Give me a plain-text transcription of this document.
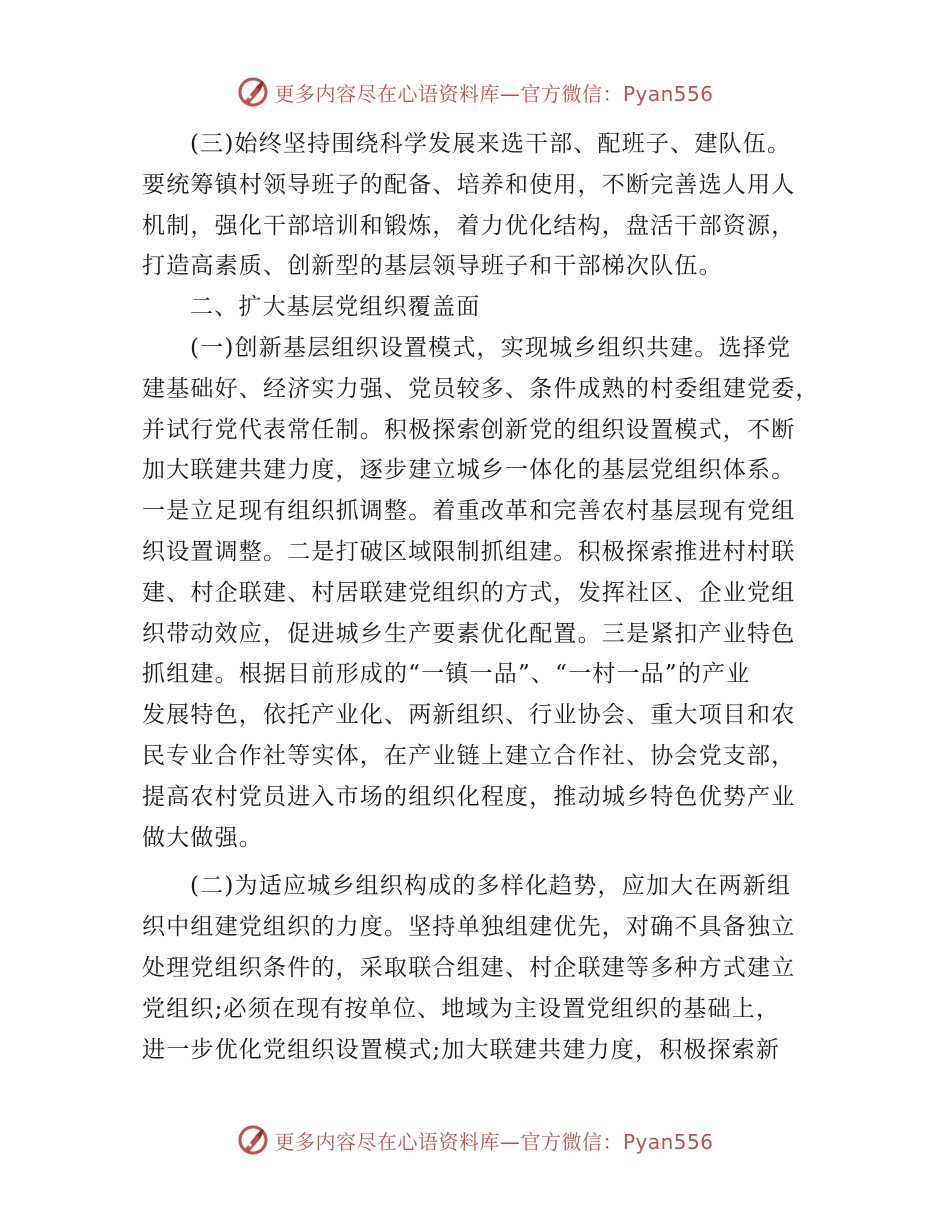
更多内容尽在心语资料库—官方微信：Pyan556

(三)始终坚持围绕科学发展来选干部、配班子、建队伍。

要统筹镇村领导班子的配备、培养和使用，不断完善选人用人
机制，强化干部培训和锻炼，着力优化结构，盘活干部资源，
打造高素质、创新型的基层领导班子和干部梯次队伍。

二、扩大基层党组织覆盖面

(一)创新基层组织设置模式，实现城乡组织共建。选择党

建基础好、经济实力强、党员较多、条件成熟的村委组建党委，
并试行党代表常任制。积极探索创新党的组织设置模式，不断
加大联建共建力度，逐步建立城乡一体化的基层党组织体系。
一是立足现有组织抓调整。着重改革和完善农村基层现有党组
织设置调整。二是打破区域限制抓组建。积极探索推进村村联
建、村企联建、村居联建党组织的方式，发挥社区、企业党组
织带动效应，促进城乡生产要素优化配置。三是紧扣产业特色
抓组建。根据目前形成的“一镇一品”、“一村一品”的产业
发展特色，依托产业化、两新组织、行业协会、重大项目和农
民专业合作社等实体，在产业链上建立合作社、协会党支部，
提高农村党员进入市场的组织化程度，推动城乡特色优势产业
做大做强。

(二)为适应城乡组织构成的多样化趋势，应加大在两新组

织中组建党组织的力度。坚持单独组建优先，对确不具备独立
处理党组织条件的，采取联合组建、村企联建等多种方式建立
党组织;必须在现有按单位、地域为主设置党组织的基础上，
进一步优化党组织设置模式;加大联建共建力度，积极探索新

更多内容尽在心语资料库—官方微信：Pyan556
